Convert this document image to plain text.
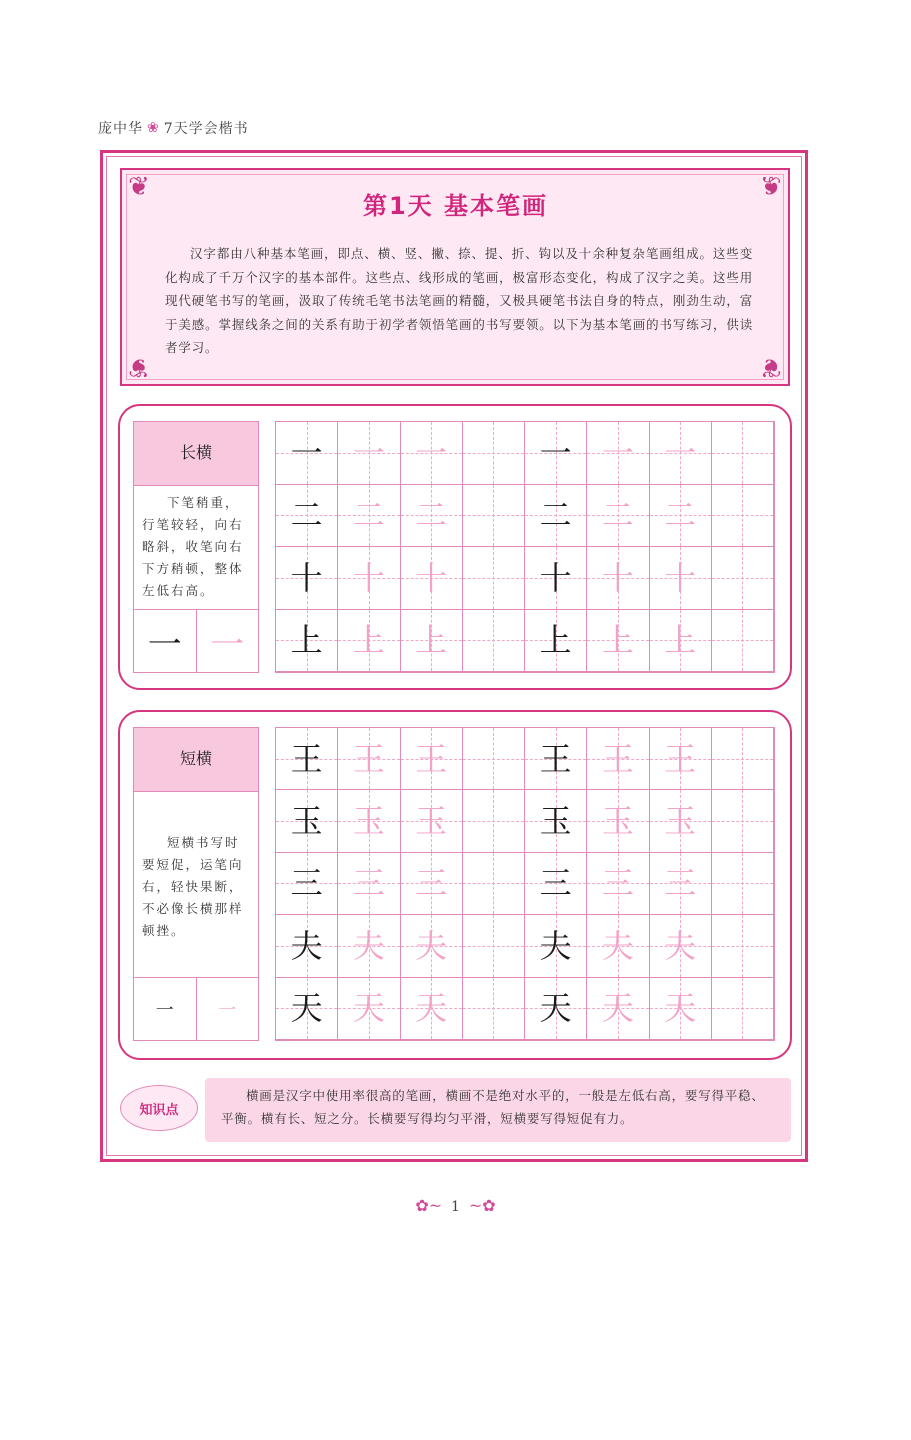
庞中华 ❀ 7天学会楷书
❦	❦
❦	❦
第1天 基本笔画
汉字都由八种基本笔画，即点、横、竖、撇、捺、提、折、钩以及十余种复杂笔画组成。这些变化构成了千万个汉字的基本部件。这些点、线形成的笔画，极富形态变化，构成了汉字之美。这些用现代硬笔书写的笔画，汲取了传统毛笔书法笔画的精髓，又极具硬笔书法自身的特点，刚劲生动，富于美感。掌握线条之间的关系有助于初学者领悟笔画的书写要领。以下为基本笔画的书写练习，供读者学习。
长横
下笔稍重，行笔较轻，向右略斜，收笔向右下方稍顿，整体左低右高。
一 一
一 一 一	一 一 一
二 二 二	二 二 二
十 十 十	十 十 十
上 上 上	上 上 上
短横
短横书写时要短促，运笔向右，轻快果断，不必像长横那样顿挫。
一 一
王 王 王	王 王 王
玉 玉 玉	玉 玉 玉
三 三 三	三 三 三
夫 夫 夫	夫 夫 夫
天 天 天	天 天 天
知识点
横画是汉字中使用率很高的笔画，横画不是绝对水平的，一般是左低右高，要写得平稳、平衡。横有长、短之分。长横要写得均匀平滑，短横要写得短促有力。
✿~ 1 ~✿
